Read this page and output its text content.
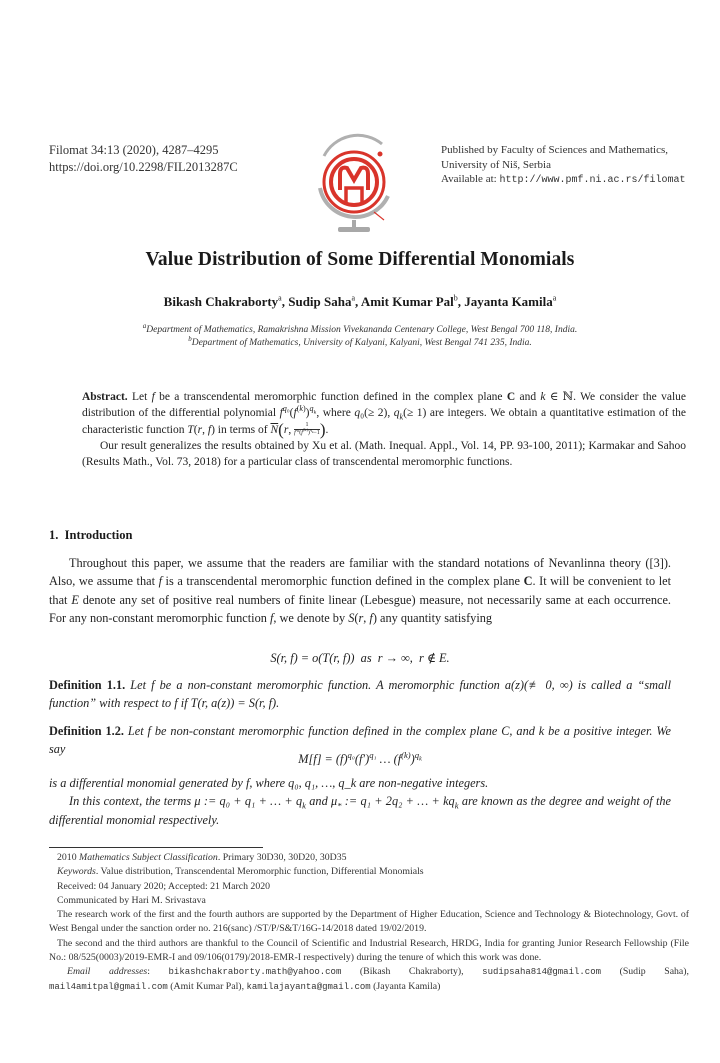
Filomat 34:13 (2020), 4287–4295
https://doi.org/10.2298/FIL2013287C
Published by Faculty of Sciences and Mathematics,
University of Niš, Serbia
Available at: http://www.pmf.ni.ac.rs/filomat
Value Distribution of Some Differential Monomials
Bikash Chakraborty$^a$, Sudip Saha$^a$, Amit Kumar Pal$^b$, Jayanta Kamila$^a$
$^a$Department of Mathematics, Ramakrishna Mission Vivekananda Centenary College, West Bengal 700 118, India.
$^b$Department of Mathematics, University of Kalyani, Kalyani, West Bengal 741 235, India.

Abstract. Let f be a transcendental meromorphic function defined in the complex plane C and k ∈ ℕ. We consider the value distribution of the differential polynomial $f^{q_0}(f^{(k)})^{q_k}$, where q₀(≥ 2), $q_k(\ge 1)$ are integers. We obtain a quantitative estimation of the characteristic function T(r, f) in terms of $\overline{N}(r$, $\frac{1}{f^{q_0}(f^{(k)})^{q_k}-1}$ ).

Our result generalizes the results obtained by Xu et al. (Math. Inequal. Appl., Vol. 14, PP. 93-100, 2011); Karmakar and Sahoo (Results Math., Vol. 73, 2018) for a particular class of transcendental meromorphic functions.

1. Introduction

Throughout this paper, we assume that the readers are familiar with the standard notations of Nevanlinna theory ([3]). Also, we assume that f is a transcendental meromorphic function defined in the complex plane C. It will be convenient to let that E denote any set of positive real numbers of finite linear (Lebesgue) measure, not necessarily same at each occurrence. For any non-constant meromorphic function f, we denote by S(r, f) any quantity satisfying

S(r, f) = o(T(r, f))  as  r → ∞,  r ∉ E.

Definition 1.1. Let f be a non-constant meromorphic function. A meromorphic function a(z)(≢ 0, ∞) is called a “small function” with respect to f if T(r, a(z)) = S(r, f).

Definition 1.2. Let f be non-constant meromorphic function defined in the complex plane C, and k be a positive integer. We say

$M[f] = (f)^{q_0}(f')^{q_1}$ … $(f^{(k)})^{q_k}$

is a differential monomial generated by f, where q₀, q₁, …, q_k are non-negative integers.

In this context, the terms μ := q₀ + q₁ + … + $q_k$ and $\mu_*$ := q₁ + 2q₂ + … + $kq_k$ are known as the degree and weight of the differential monomial respectively.

2010 Mathematics Subject Classification. Primary 30D30, 30D20, 30D35

Keywords. Value distribution, Transcendental Meromorphic function, Differential Monomials

Received: 04 January 2020; Accepted: 21 March 2020

Communicated by Hari M. Srivastava

The research work of the first and the fourth authors are supported by the Department of Higher Education, Science and Technology & Biotechnology, Govt. of West Bengal under the sanction order no. 216(sanc) /ST/P/S&T/16G-14/2018 dated 19/02/2019.

The second and the third authors are thankful to the Council of Scientific and Industrial Research, HRDG, India for granting Junior Research Fellowship (File No.: 08/525(0003)/2019-EMR-I and 09/106(0179)/2018-EMR-I respectively) during the tenure of which this work was done.

Email addresses: bikashchakraborty.math@yahoo.com (Bikash Chakraborty), sudipsaha814@gmail.com (Sudip Saha), mail4amitpal@gmail.com (Amit Kumar Pal), kamilajayanta@gmail.com (Jayanta Kamila)
